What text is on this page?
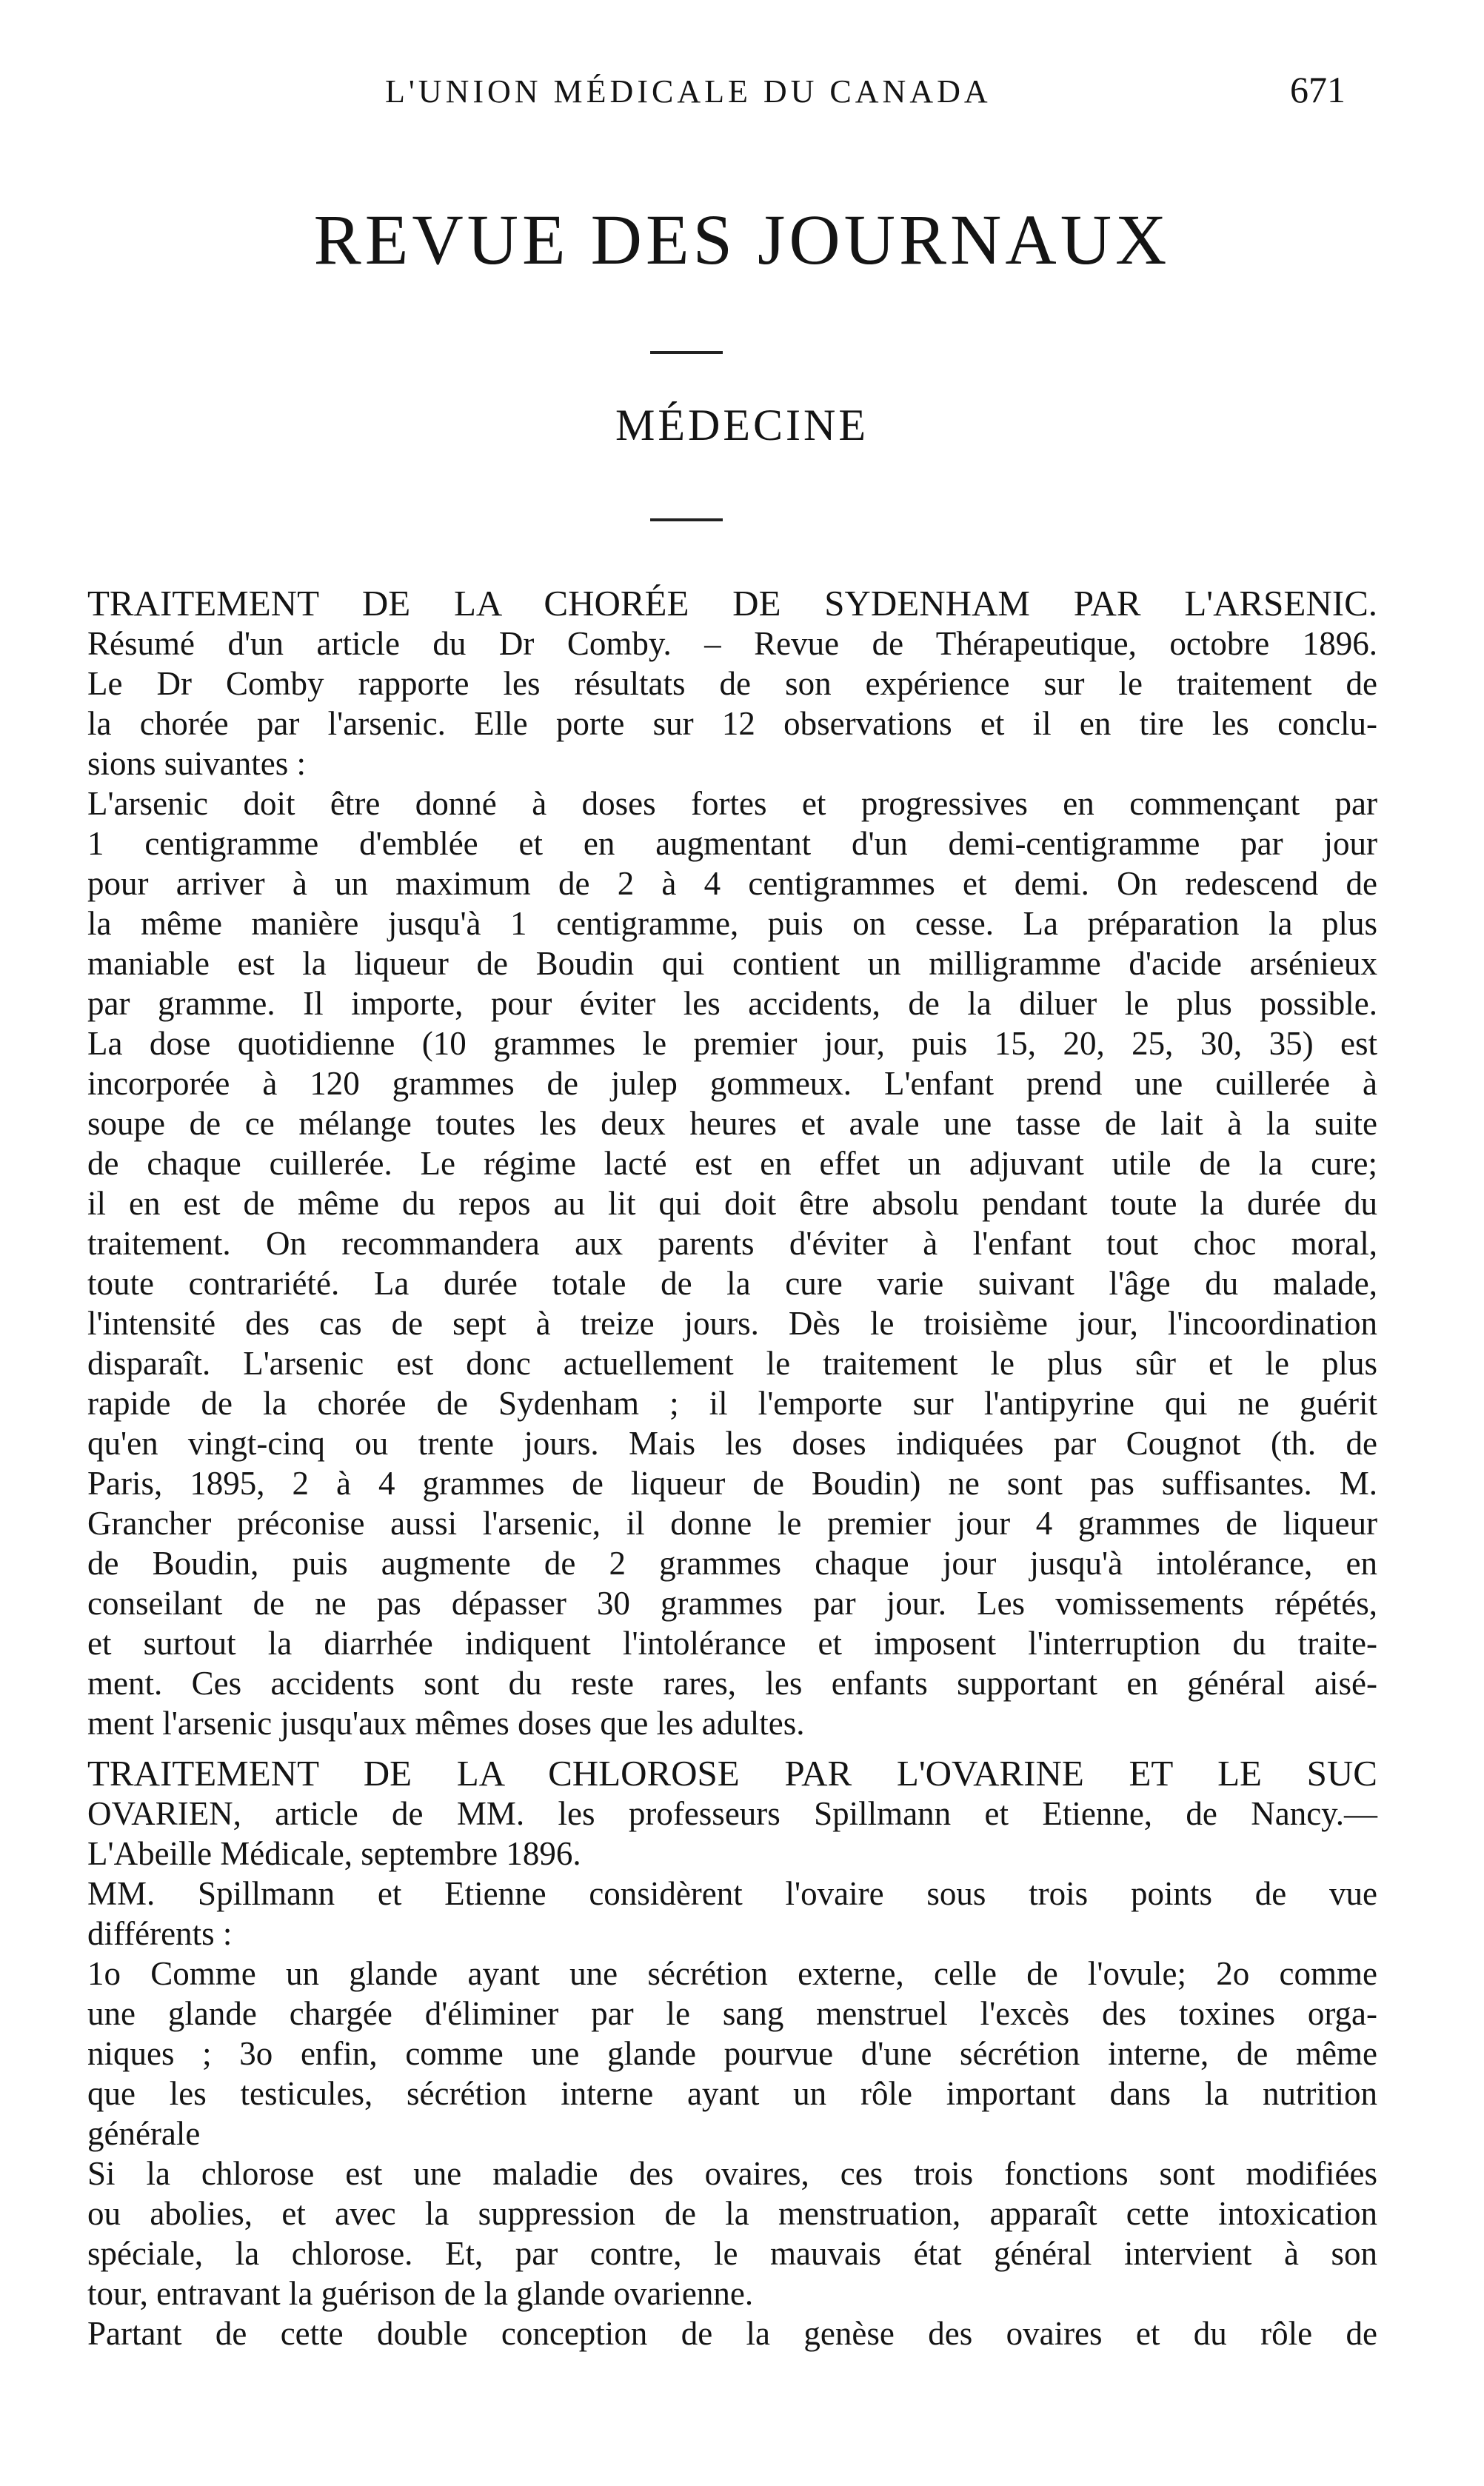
L'UNION MÉDICALE DU CANADA	671
REVUE DES JOURNAUX
MÉDECINE
TRAITEMENT DE LA CHORÉE DE SYDENHAM PAR L'ARSENIC.
Résumé d'un article du Dr Comby. – Revue de Thérapeutique, octobre 1896.
Le Dr Comby rapporte les résultats de son expérience sur le traitement de
la chorée par l'arsenic. Elle porte sur 12 observations et il en tire les conclu-
sions suivantes :
L'arsenic doit être donné à doses fortes et progressives en commençant par
1 centigramme d'emblée et en augmentant d'un demi-centigramme par jour
pour arriver à un maximum de 2 à 4 centigrammes et demi. On redescend de
la même manière jusqu'à 1 centigramme, puis on cesse. La préparation la plus
maniable est la liqueur de Boudin qui contient un milligramme d'acide arsénieux
par gramme. Il importe, pour éviter les accidents, de la diluer le plus possible.
La dose quotidienne (10 grammes le premier jour, puis 15, 20, 25, 30, 35) est
incorporée à 120 grammes de julep gommeux. L'enfant prend une cuillerée à
soupe de ce mélange toutes les deux heures et avale une tasse de lait à la suite
de chaque cuillerée. Le régime lacté est en effet un adjuvant utile de la cure;
il en est de même du repos au lit qui doit être absolu pendant toute la durée du
traitement. On recommandera aux parents d'éviter à l'enfant tout choc moral,
toute contrariété. La durée totale de la cure varie suivant l'âge du malade,
l'intensité des cas de sept à treize jours. Dès le troisième jour, l'incoordination
disparaît. L'arsenic est donc actuellement le traitement le plus sûr et le plus
rapide de la chorée de Sydenham ; il l'emporte sur l'antipyrine qui ne guérit
qu'en vingt-cinq ou trente jours. Mais les doses indiquées par Cougnot (th. de
Paris, 1895, 2 à 4 grammes de liqueur de Boudin) ne sont pas suffisantes. M.
Grancher préconise aussi l'arsenic, il donne le premier jour 4 grammes de liqueur
de Boudin, puis augmente de 2 grammes chaque jour jusqu'à intolérance, en
conseilant de ne pas dépasser 30 grammes par jour. Les vomissements répétés,
et surtout la diarrhée indiquent l'intolérance et imposent l'interruption du traite-
ment. Ces accidents sont du reste rares, les enfants supportant en général aisé-
ment l'arsenic jusqu'aux mêmes doses que les adultes.
TRAITEMENT DE LA CHLOROSE PAR L'OVARINE ET LE SUC
OVARIEN, article de MM. les professeurs Spillmann et Etienne, de Nancy.—
L'Abeille Médicale, septembre 1896.
MM. Spillmann et Etienne considèrent l'ovaire sous trois points de vue
différents :
1o Comme un glande ayant une sécrétion externe, celle de l'ovule; 2o comme
une glande chargée d'éliminer par le sang menstruel l'excès des toxines orga-
niques ; 3o enfin, comme une glande pourvue d'une sécrétion interne, de même
que les testicules, sécrétion interne ayant un rôle important dans la nutrition
générale
Si la chlorose est une maladie des ovaires, ces trois fonctions sont modifiées
ou abolies, et avec la suppression de la menstruation, apparaît cette intoxication
spéciale, la chlorose. Et, par contre, le mauvais état général intervient à son
tour, entravant la guérison de la glande ovarienne.
Partant de cette double conception de la genèse des ovaires et du rôle de
